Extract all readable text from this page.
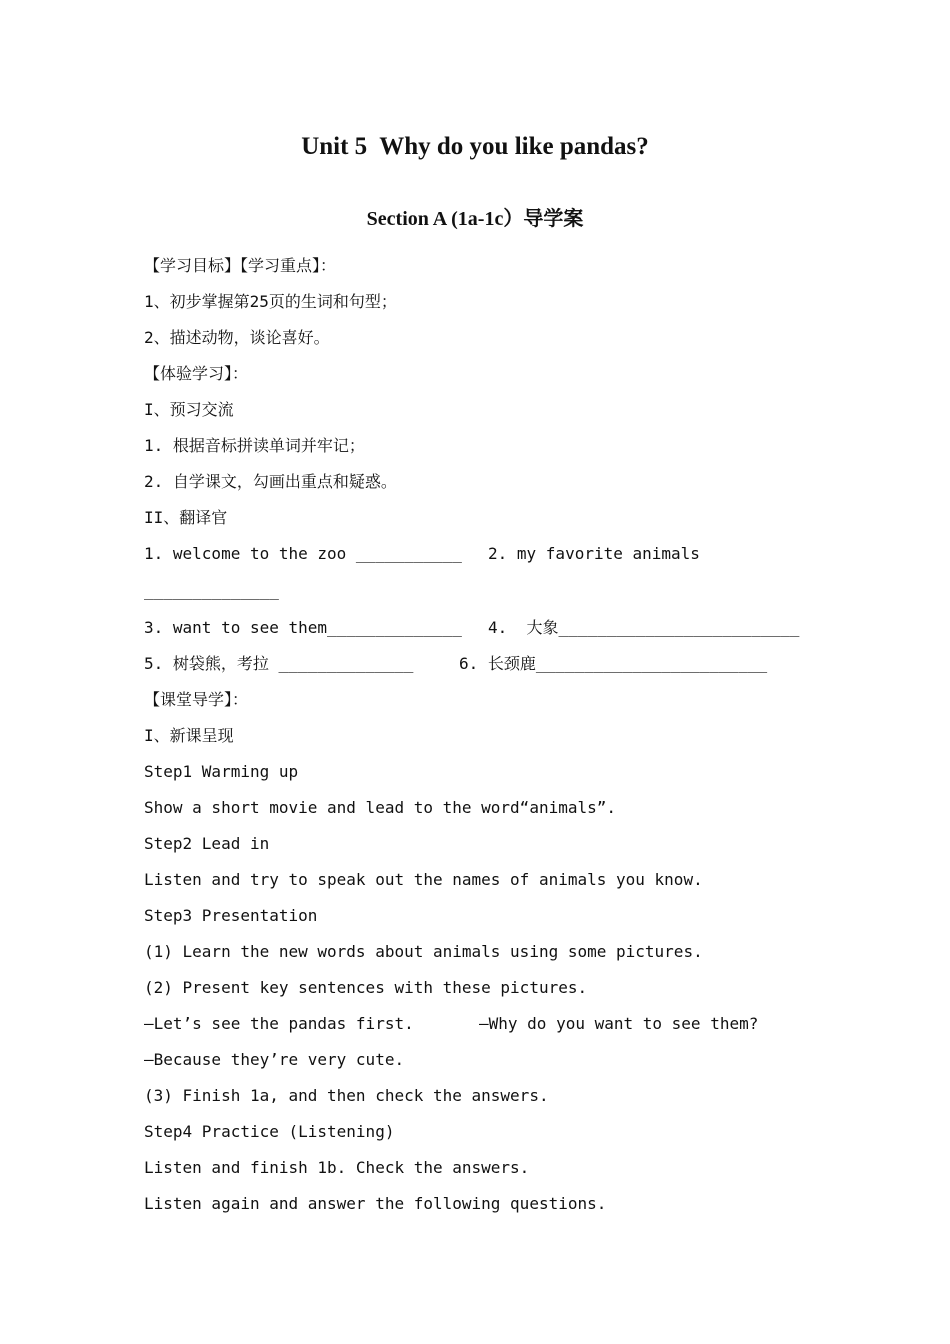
Unit 5  Why do you like pandas?
Section A (1a-1c）导学案
【学习目标】【学习重点】：
1、初步掌握第25页的生词和句型；
2、描述动物，谈论喜好。
【体验学习】：
I、预习交流
1. 根据音标拼读单词并牢记；
2. 自学课文，勾画出重点和疑惑。
II、翻译官

1. welcome to the zoo ___________

2. my favorite animals

______________

3. want to see them______________

4.  大象_________________________

5. 树袋熊，考拉 ______________

	6. 长颈鹿________________________

【课堂导学】：
I、新课呈现
Step1 Warming up
Show a short movie and lead to the word“animals”.
Step2 Lead in
Listen and try to speak out the names of animals you know.
Step3 Presentation
(1) Learn the new words about animals using some pictures.
(2) Present key sentences with these pictures.

—Let’s see the pandas first.

	—Why do you want to see them?

—Because they’re very cute.
(3) Finish 1a, and then check the answers.
Step4 Practice (Listening)
Listen and finish 1b. Check the answers.
Listen again and answer the following questions.
